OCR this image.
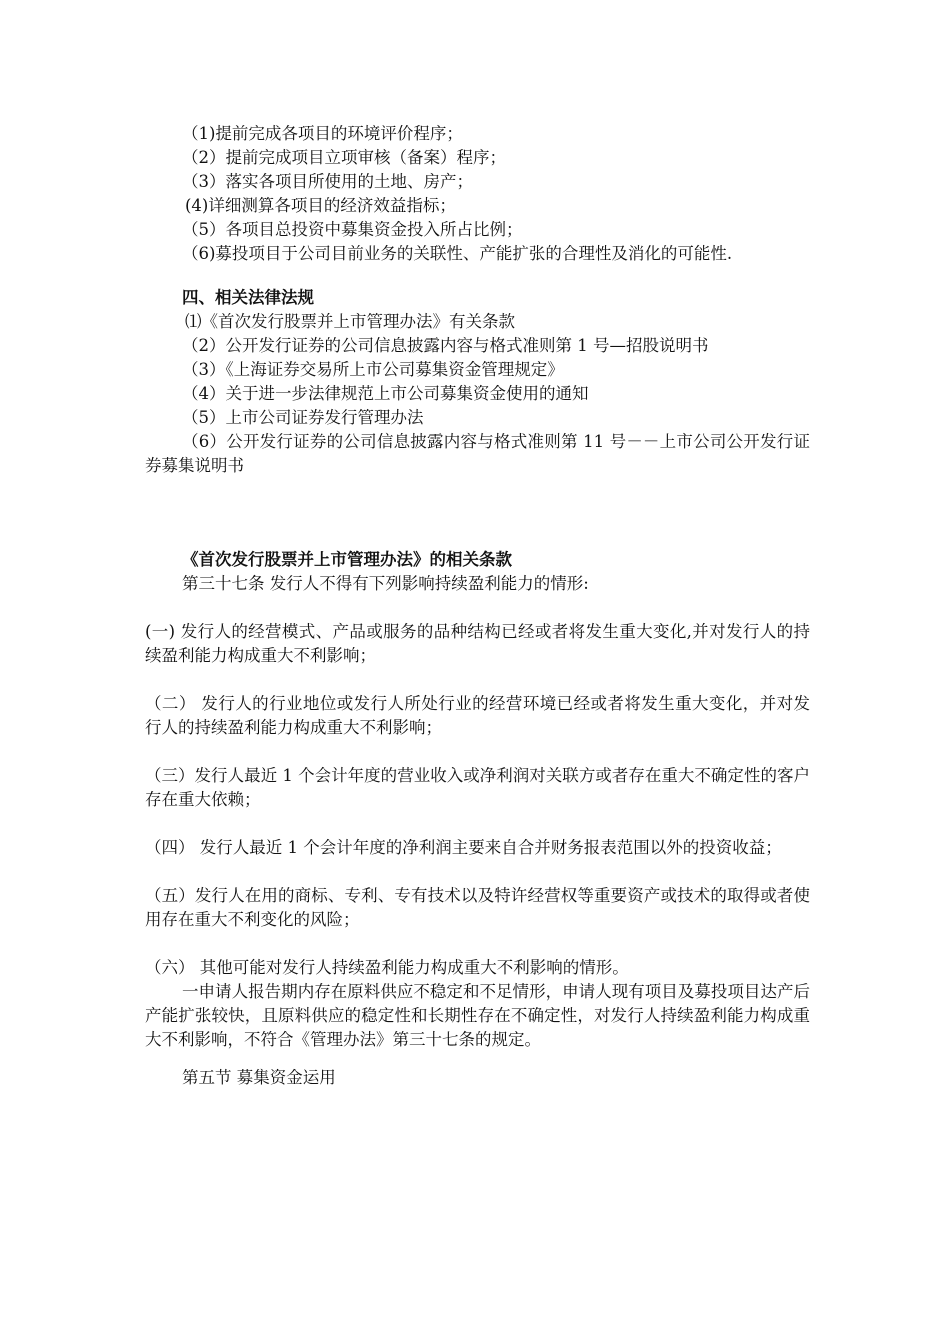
（1)提前完成各项目的环境评价程序；
（2）提前完成项目立项审核（备案）程序；
（3）落实各项目所使用的土地、房产；
(4)详细测算各项目的经济效益指标；
（5）各项目总投资中募集资金投入所占比例；
（6)募投项目于公司目前业务的关联性、产能扩张的合理性及消化的可能性.
四、相关法律法规
⑴《首次发行股票并上市管理办法》有关条款
（2）公开发行证券的公司信息披露内容与格式准则第 1 号—招股说明书
（3）《上海证券交易所上市公司募集资金管理规定》
（4）关于进一步法律规范上市公司募集资金使用的通知
（5）上市公司证券发行管理办法
（6）公开发行证券的公司信息披露内容与格式准则第 11 号－－上市公司公开发行证券募集说明书
《首次发行股票并上市管理办法》的相关条款
第三十七条 发行人不得有下列影响持续盈利能力的情形:
(一) 发行人的经营模式、产品或服务的品种结构已经或者将发生重大变化,并对发行人的持续盈利能力构成重大不利影响；
（二） 发行人的行业地位或发行人所处行业的经营环境已经或者将发生重大变化，并对发行人的持续盈利能力构成重大不利影响；
（三）发行人最近 1 个会计年度的营业收入或净利润对关联方或者存在重大不确定性的客户存在重大依赖；
（四） 发行人最近 1 个会计年度的净利润主要来自合并财务报表范围以外的投资收益；
（五）发行人在用的商标、专利、专有技术以及特许经营权等重要资产或技术的取得或者使用存在重大不利变化的风险；
（六） 其他可能对发行人持续盈利能力构成重大不利影响的情形。
一申请人报告期内存在原料供应不稳定和不足情形，申请人现有项目及募投项目达产后产能扩张较快，且原料供应的稳定性和长期性存在不确定性，对发行人持续盈利能力构成重大不利影响，不符合《管理办法》第三十七条的规定。
第五节 募集资金运用
